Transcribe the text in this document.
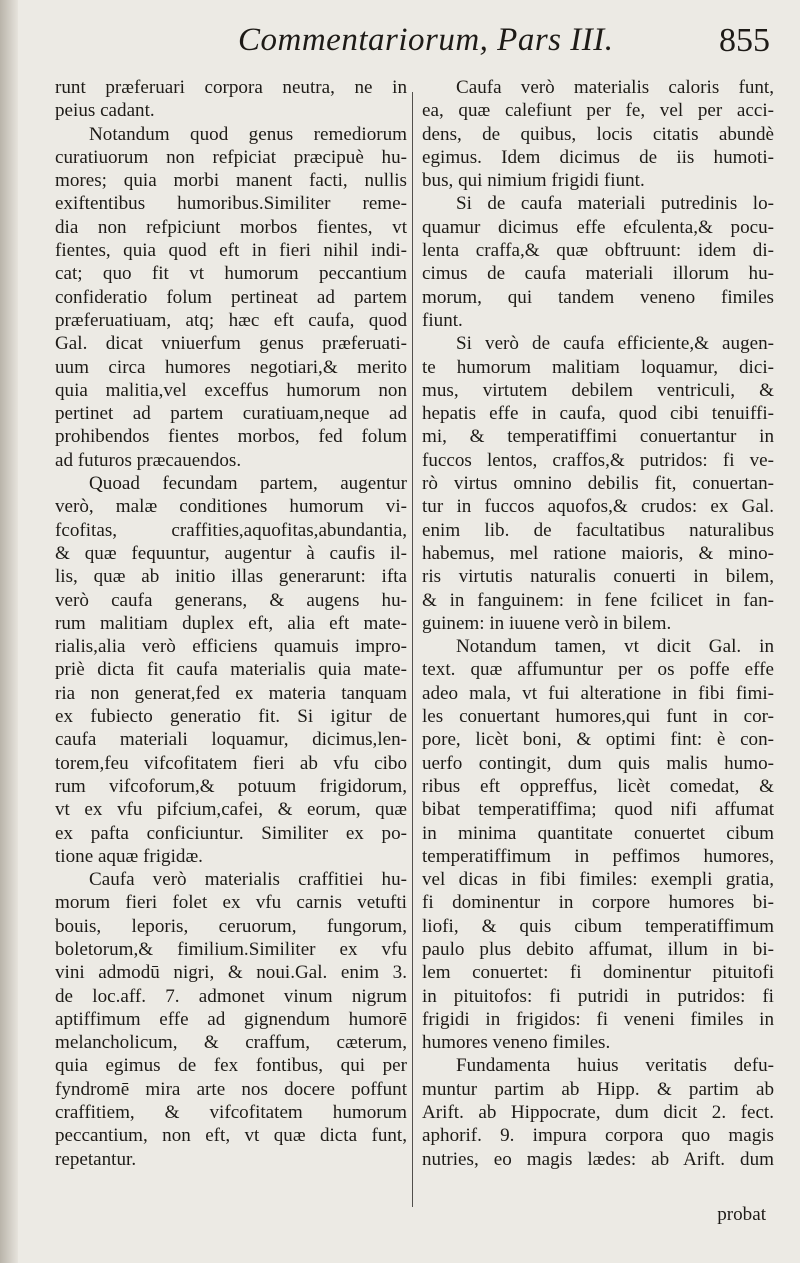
Commentariorum, Pars III.	855
runt præferuari corpora neutra, ne in
peius cadant.
Notandum quod genus remediorum
curatiuorum non refpiciat præcipuè hu-
mores; quia morbi manent facti, nullis
exiftentibus humoribus.Similiter reme-
dia non refpiciunt morbos fientes, vt
fientes, quia quod eft in fieri nihil indi-
cat; quo fit vt humorum peccantium
confideratio folum pertineat ad partem
præferuatiuam, atq; hæc eft caufa, quod
Gal. dicat vniuerfum genus præferuati-
uum circa humores negotiari,& merito
quia malitia,vel exceffus humorum non
pertinet ad partem curatiuam,neque ad
prohibendos fientes morbos, fed folum
ad futuros præcauendos.
Quoad fecundam partem, augentur
verò, malæ conditiones humorum vi-
fcofitas, craffities,aquofitas,abundantia,
& quæ fequuntur, augentur à caufis il-
lis, quæ ab initio illas generarunt: ifta
verò caufa generans, & augens hu-
rum malitiam duplex eft, alia eft mate-
rialis,alia verò efficiens quamuis impro-
priè dicta fit caufa materialis quia mate-
ria non generat,fed ex materia tanquam
ex fubiecto generatio fit. Si igitur de
caufa materiali loquamur, dicimus,len-
torem,feu vifcofitatem fieri ab vfu cibo
rum vifcoforum,& potuum frigidorum,
vt ex vfu pifcium,cafei, & eorum, quæ
ex pafta conficiuntur. Similiter ex po-
tione aquæ frigidæ.
Caufa verò materialis craffitiei hu-
morum fieri folet ex vfu carnis vetufti
bouis, leporis, ceruorum, fungorum,
boletorum,& fimilium.Similiter ex vfu
vini admodū nigri, & noui.Gal. enim 3.
de loc.aff. 7. admonet vinum nigrum
aptiffimum effe ad gignendum humorē
melancholicum, & craffum, cæterum,
quia egimus de fex fontibus, qui per
fyndromē mira arte nos docere poffunt
craffitiem, & vifcofitatem humorum
peccantium, non eft, vt quæ dicta funt,
repetantur.
Caufa verò materialis caloris funt,
ea, quæ calefiunt per fe, vel per acci-
dens, de quibus, locis citatis abundè
egimus. Idem dicimus de iis humoti-
bus, qui nimium frigidi fiunt.
Si de caufa materiali putredinis lo-
quamur dicimus effe efculenta,& pocu-
lenta craffa,& quæ obftruunt: idem di-
cimus de caufa materiali illorum hu-
morum, qui tandem veneno fimiles
fiunt.
Si verò de caufa efficiente,& augen-
te humorum malitiam loquamur, dici-
mus, virtutem debilem ventriculi, &
hepatis effe in caufa, quod cibi tenuiffi-
mi, & temperatiffimi conuertantur in
fuccos lentos, craffos,& putridos: fi ve-
rò virtus omnino debilis fit, conuertan-
tur in fuccos aquofos,& crudos: ex Gal.
enim lib. de facultatibus naturalibus
habemus, mel ratione maioris, & mino-
ris virtutis naturalis conuerti in bilem,
& in fanguinem: in fene fcilicet in fan-
guinem: in iuuene verò in bilem.
Notandum tamen, vt dicit Gal. in
text. quæ affumuntur per os poffe effe
adeo mala, vt fui alteratione in fibi fimi-
les conuertant humores,qui funt in cor-
pore, licèt boni, & optimi fint: è con-
uerfo contingit, dum quis malis humo-
ribus eft oppreffus, licèt comedat, &
bibat temperatiffima; quod nifi affumat
in minima quantitate conuertet cibum
temperatiffimum in peffimos humores,
vel dicas in fibi fimiles: exempli gratia,
fi dominentur in corpore humores bi-
liofi, & quis cibum temperatiffimum
paulo plus debito affumat, illum in bi-
lem conuertet: fi dominentur pituitofi
in pituitofos: fi putridi in putridos: fi
frigidi in frigidos: fi veneni fimiles in
humores veneno fimiles.
Fundamenta huius veritatis defu-
muntur partim ab Hipp. & partim ab
Arift. ab Hippocrate, dum dicit 2. fect.
aphorif. 9. impura corpora quo magis
nutries, eo magis lædes: ab Arift. dum
probat
